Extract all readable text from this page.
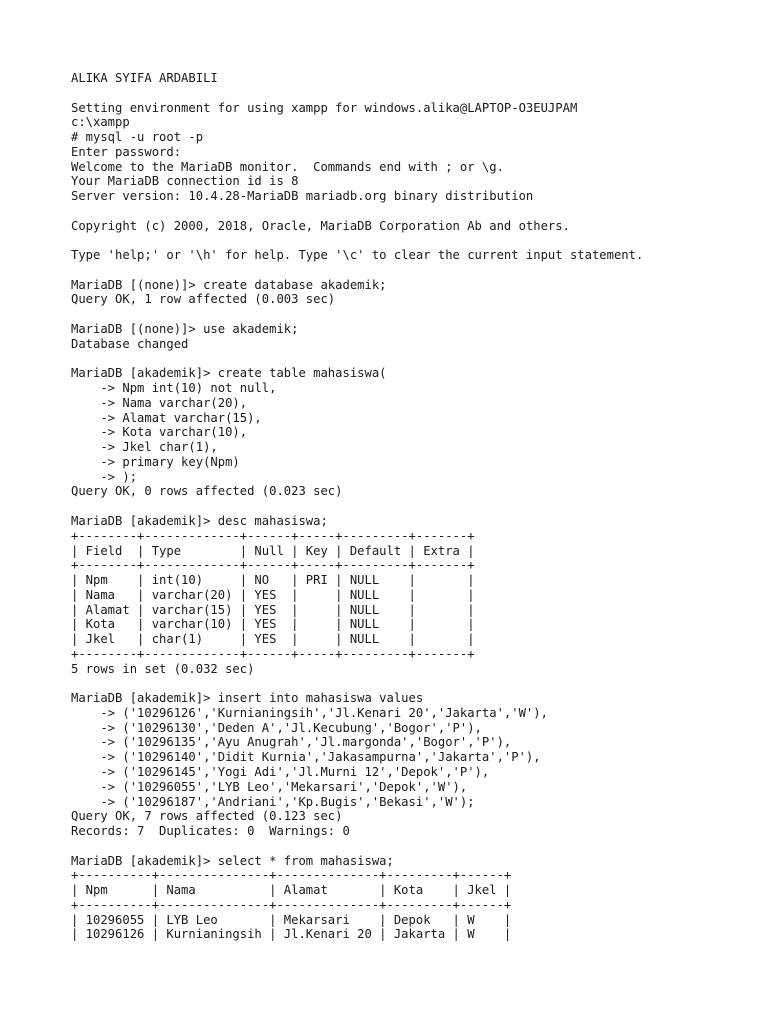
ALIKA SYIFA ARDABILI

Setting environment for using xampp for windows.alika@LAPTOP-O3EUJPAM
c:\xampp
# mysql -u root -p
Enter password:
Welcome to the MariaDB monitor.  Commands end with ; or \g.
Your MariaDB connection id is 8
Server version: 10.4.28-MariaDB mariadb.org binary distribution

Copyright (c) 2000, 2018, Oracle, MariaDB Corporation Ab and others.

Type 'help;' or '\h' for help. Type '\c' to clear the current input statement.

MariaDB [(none)]> create database akademik;
Query OK, 1 row affected (0.003 sec)

MariaDB [(none)]> use akademik;
Database changed

MariaDB [akademik]> create table mahasiswa(
-> Npm int(10) not null,
-> Nama varchar(20),
-> Alamat varchar(15),
-> Kota varchar(10),
-> Jkel char(1),
-> primary key(Npm)
-> );
Query OK, 0 rows affected (0.023 sec)

MariaDB [akademik]> desc mahasiswa;
+--------+-------------+------+-----+---------+-------+
| Field  | Type        | Null | Key | Default | Extra |
+--------+-------------+------+-----+---------+-------+
| Npm    | int(10)     | NO   | PRI | NULL    |       |
| Nama   | varchar(20) | YES  |     | NULL    |       |
| Alamat | varchar(15) | YES  |     | NULL    |       |
| Kota   | varchar(10) | YES  |     | NULL    |       |
| Jkel   | char(1)     | YES  |     | NULL    |       |
+--------+-------------+------+-----+---------+-------+
5 rows in set (0.032 sec)

MariaDB [akademik]> insert into mahasiswa values
-> ('10296126','Kurnianingsih','Jl.Kenari 20','Jakarta','W'),
-> ('10296130','Deden A','Jl.Kecubung','Bogor','P'),
-> ('10296135','Ayu Anugrah','Jl.margonda','Bogor','P'),
-> ('10296140','Didit Kurnia','Jakasampurna','Jakarta','P'),
-> ('10296145','Yogi Adi','Jl.Murni 12','Depok','P'),
-> ('10296055','LYB Leo','Mekarsari','Depok','W'),
-> ('10296187','Andriani','Kp.Bugis','Bekasi','W');
Query OK, 7 rows affected (0.123 sec)
Records: 7  Duplicates: 0  Warnings: 0

MariaDB [akademik]> select * from mahasiswa;
+----------+---------------+--------------+---------+------+
| Npm      | Nama          | Alamat       | Kota    | Jkel |
+----------+---------------+--------------+---------+------+
| 10296055 | LYB Leo       | Mekarsari    | Depok   | W    |
| 10296126 | Kurnianingsih | Jl.Kenari 20 | Jakarta | W    |
